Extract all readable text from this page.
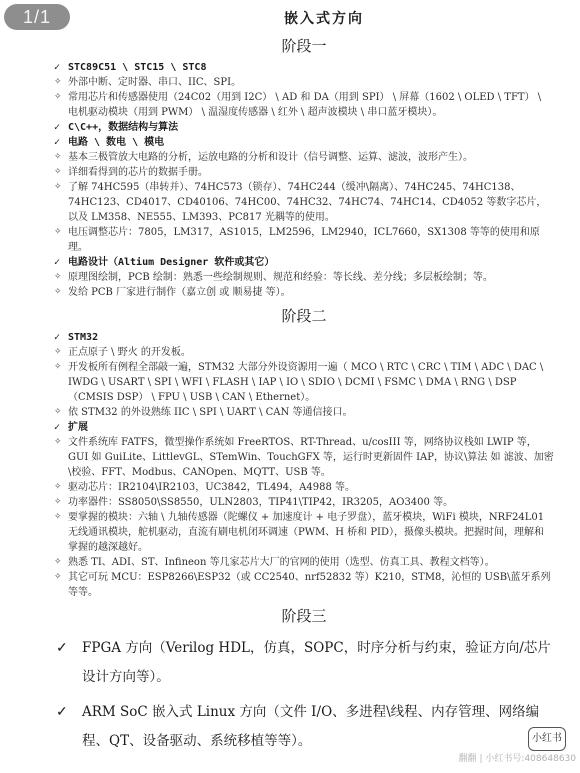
1/1	嵌入式方向
阶段一
✓ STC89C51 \ STC15 \ STC8
✧ 外部中断、定时器、串口、IIC、SPI。
✧ 常用芯片和传感器使用（24C02（用到 I2C） \ AD 和 DA（用到 SPI） \ 屏幕（1602 \ OLED \ TFT） \ 电机驱动模块（用到 PWM） \ 温湿度传感器 \ 红外 \ 超声波模块 \ 串口蓝牙模块）。
✓ C\C++，数据结构与算法
✓ 电路 \ 数电 \ 模电
✧ 基本三极管放大电路的分析，运放电路的分析和设计（信号调整、运算、滤波，波形产生）。
✧ 详细看得到的芯片的数据手册。
✧ 了解 74HC595（串转并）、74HC573（锁存）、74HC244（缓冲\隔离）、74HC245、74HC138、74HC123、CD4017、CD40106、74HC00、74HC32、74HC74、74HC14、CD4052 等数字芯片，以及 LM358、NE555、LM393、PC817 光耦等的使用。
✧ 电压调整芯片：7805，LM317，AS1015，LM2596，LM2940，ICL7660，SX1308 等等的使用和原理。
✓ 电路设计（Altium Designer 软件或其它）
✧ 原理图绘制，PCB 绘制：熟悉一些绘制规则、规范和经验：等长线、差分线；多层板绘制；等。
✧ 发给 PCB 厂家进行制作（嘉立创 或 顺易捷 等）。
阶段二
✓ STM32
✧ 正点原子 \ 野火 的开发板。
✧ 开发板所有例程全部敲一遍，STM32 大部分外设资源用一遍（ MCO \ RTC \ CRC \ TIM \ ADC \ DAC \ IWDG \ USART \ SPI \ WFI \ FLASH \ IAP \ IO \ SDIO \ DCMI \ FSMC \ DMA \ RNG \ DSP（CMSIS DSP） \ FPU \ USB \ CAN \ Ethernet）。
✧ 依 STM32 的外设熟练 IIC \ SPI \ UART \ CAN 等通信接口。
✓ 扩展
✧ 文件系统库 FATFS，微型操作系统如 FreeRTOS、RT-Thread、u/cosIII 等，网络协议栈如 LWIP 等，GUI 如 GuiLite、LittlevGL、STemWin、TouchGFX 等，运行时更新固件 IAP，协议\算法 如 滤波、加密\校验、FFT、Modbus、CANOpen、MQTT、USB 等。
✧ 驱动芯片：IR2104\IR2103，UC3842，TL494，A4988 等。
✧ 功率器件：SS8050\SS8550，ULN2803，TIP41\TIP42，IR3205，AO3400 等。
✧ 要掌握的模块：六轴 \ 九轴传感器（陀螺仪 + 加速度计 + 电子罗盘），蓝牙模块，WiFi 模块，NRF24L01 无线通讯模块，舵机驱动，直流有刷电机闭环调速（PWM、H 桥和 PID），摄像头模块。把握时间，理解和掌握的越深越好。
✧ 熟悉 TI、ADI、ST、Infineon 等几家芯片大厂的官网的使用（选型、仿真工具、教程文档等）。
✧ 其它可玩 MCU：ESP8266\ESP32（或 CC2540、nrf52832 等）K210，STM8，沁恒的 USB\蓝牙系列等等。
阶段三
✓ FPGA 方向（Verilog HDL，仿真，SOPC，时序分析与约束，验证方向/芯片设计方向等）。
✓ ARM SoC 嵌入式 Linux 方向（文件 I/O、多进程\线程、内存管理、网络编程、QT、设备驱动、系统移植等等）。	小红书
翻翻 | 小红书号:408648630
